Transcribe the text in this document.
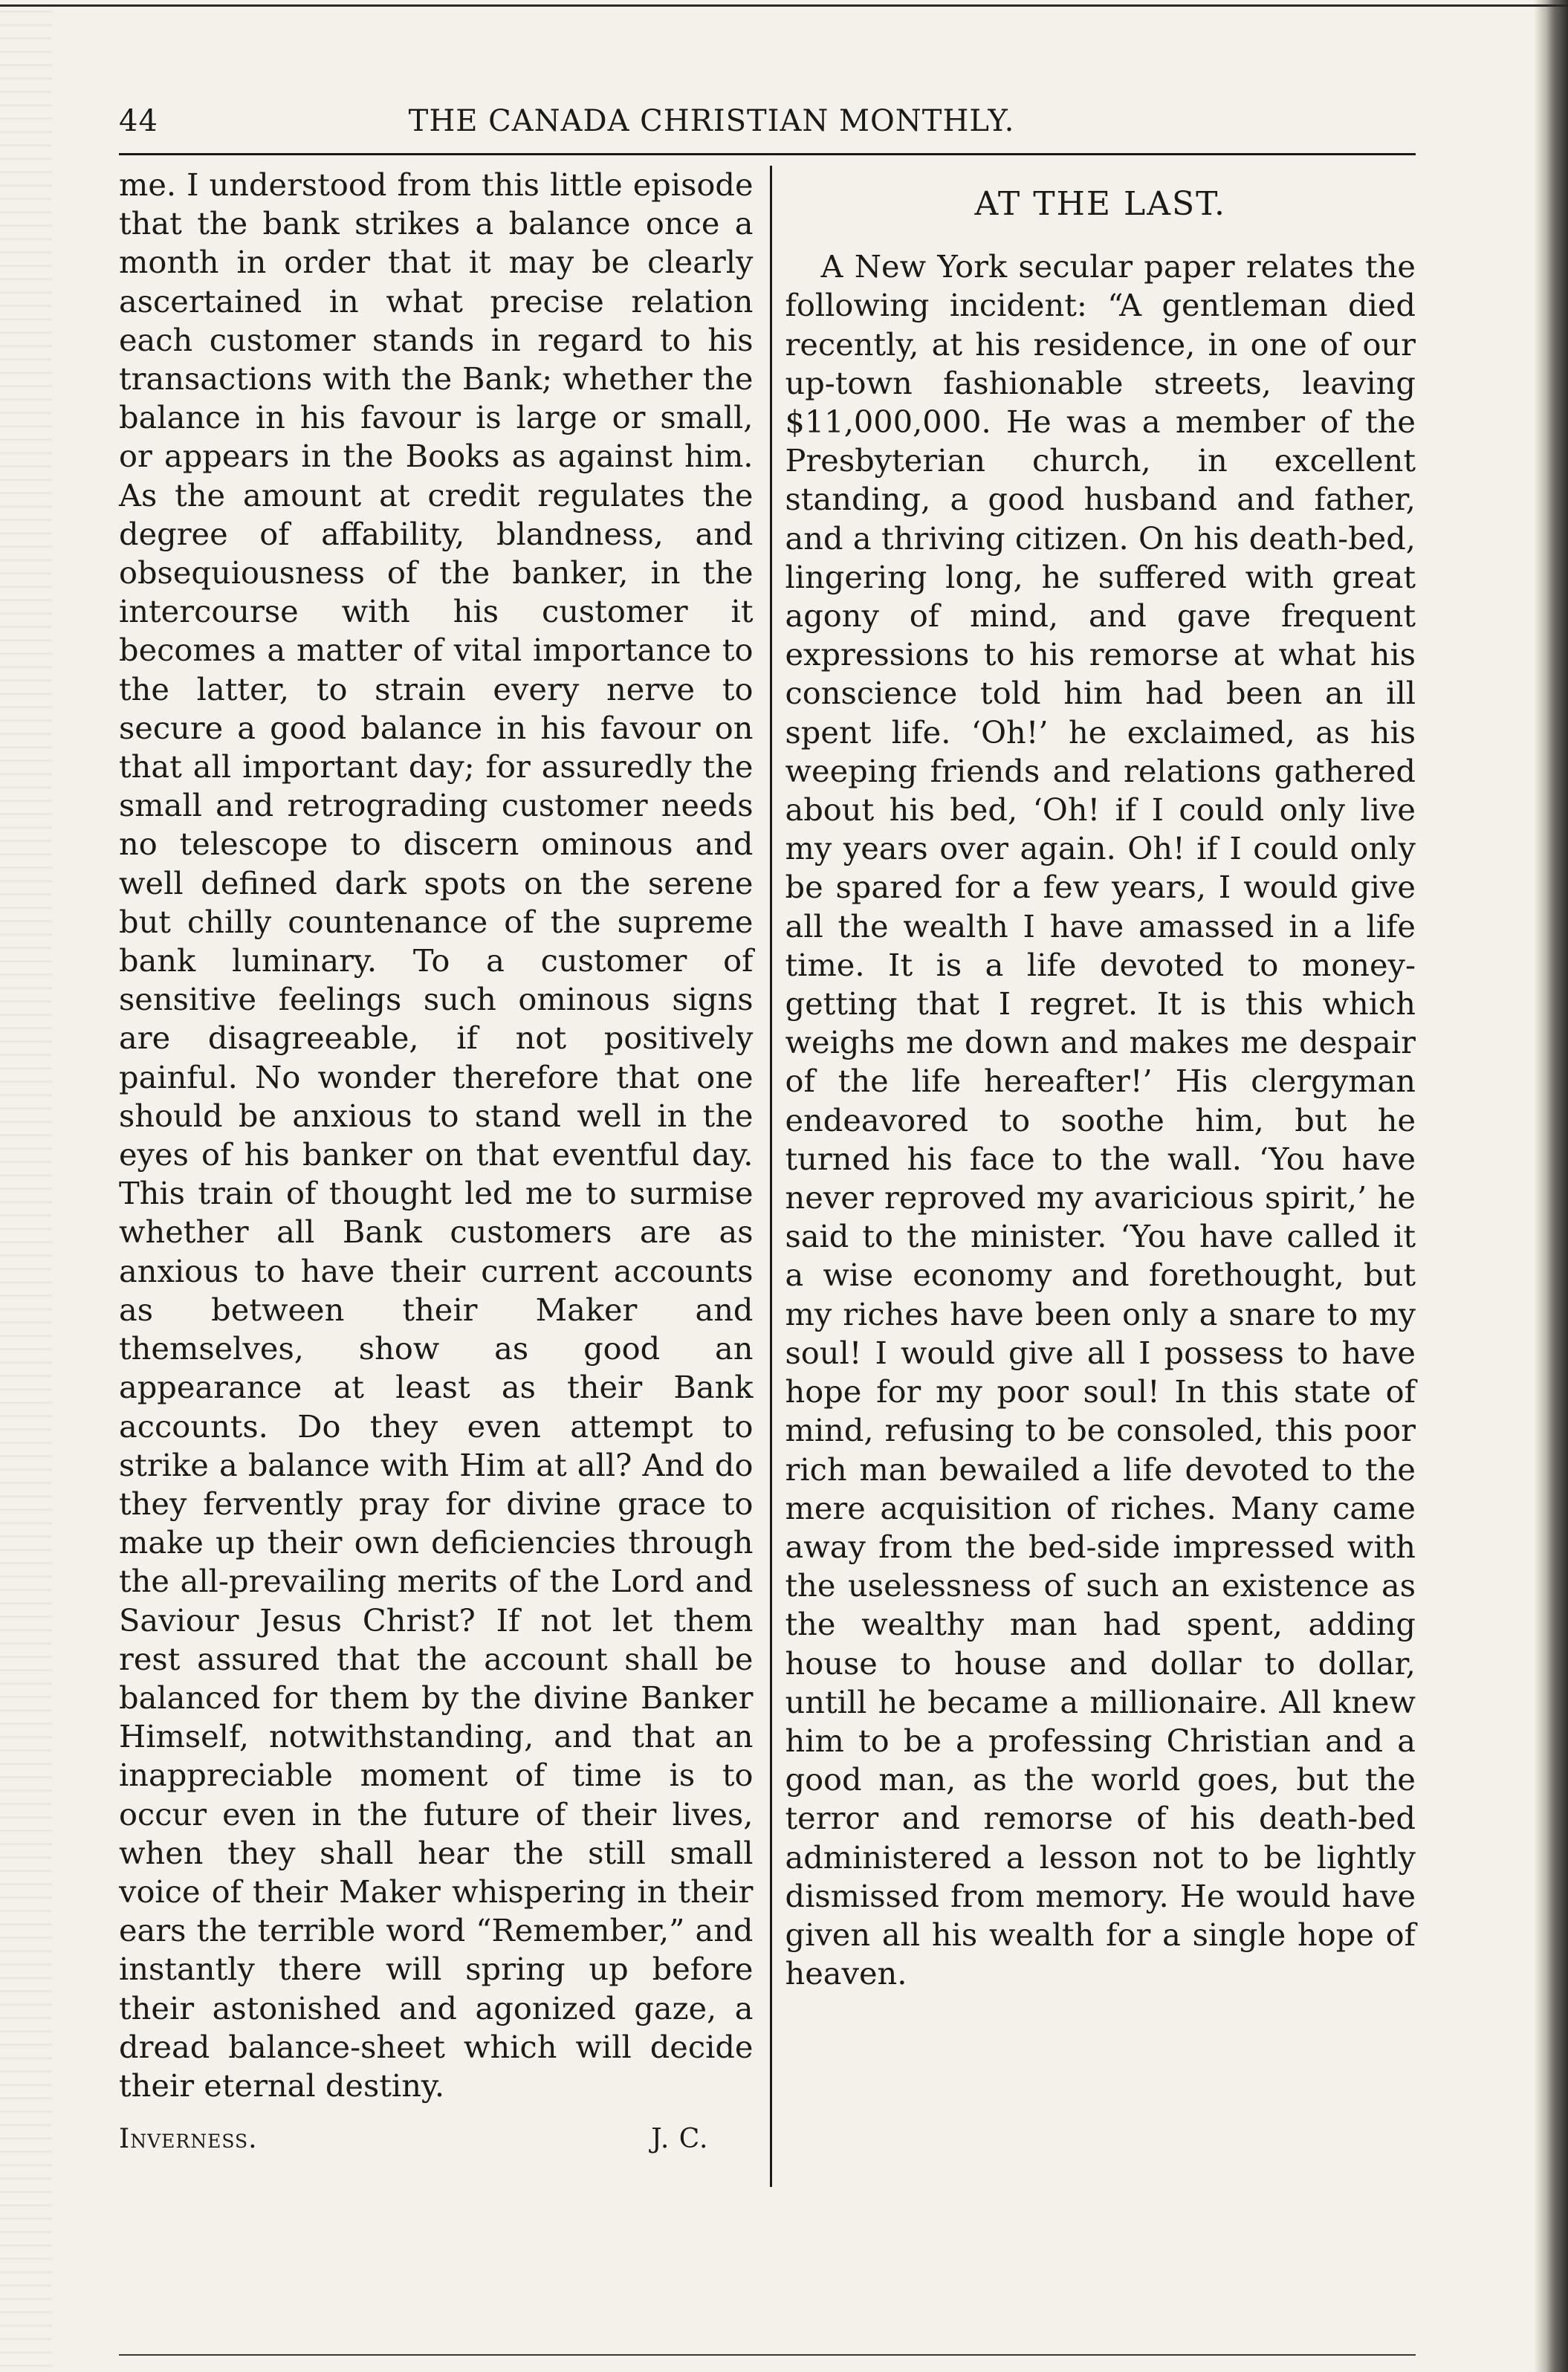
44	THE CANADA CHRISTIAN MONTHLY.

me. I understood from this little episode that the bank strikes a balance once a month in order that it may be clearly ascertained in what precise relation each customer stands in regard to his transactions with the Bank; whether the balance in his favour is large or small, or appears in the Books as against him. As the amount at credit regulates the degree of affability, blandness, and obsequiousness of the banker, in the intercourse with his customer it becomes a matter of vital importance to the latter, to strain every nerve to secure a good balance in his favour on that all important day; for assuredly the small and retrograding customer needs no telescope to discern ominous and well defined dark spots on the serene but chilly countenance of the supreme bank luminary. To a customer of sensitive feelings such ominous signs are disagreeable, if not positively painful. No wonder therefore that one should be anxious to stand well in the eyes of his banker on that eventful day. This train of thought led me to surmise whether all Bank customers are as anxious to have their current accounts as between their Maker and themselves, show as good an appearance at least as their Bank accounts. Do they even attempt to strike a balance with Him at all? And do they fervently pray for divine grace to make up their own deficiencies through the all-prevailing merits of the Lord and Saviour Jesus Christ? If not let them rest assured that the account shall be balanced for them by the divine Banker Himself, notwithstanding, and that an inappreciable moment of time is to occur even in the future of their lives, when they shall hear the still small voice of their Maker whispering in their ears the terrible word “Remember,” and instantly there will spring up before their astonished and agonized gaze, a dread balance-sheet which will decide their eternal destiny.

Inverness.	J. C.
AT THE LAST.

A New York secular paper relates the following incident: “A gentleman died recently, at his residence, in one of our up-town fashionable streets, leaving $11,000,000. He was a member of the Presbyterian church, in excellent standing, a good husband and father, and a thriving citizen. On his death-bed, lingering long, he suffered with great agony of mind, and gave frequent expressions to his remorse at what his conscience told him had been an ill spent life. ‘Oh!’ he exclaimed, as his weeping friends and relations gathered about his bed, ‘Oh! if I could only live my years over again. Oh! if I could only be spared for a few years, I would give all the wealth I have amassed in a life time. It is a life devoted to money-getting that I regret. It is this which weighs me down and makes me despair of the life hereafter!’ His clergyman endeavored to soothe him, but he turned his face to the wall. ‘You have never reproved my avaricious spirit,’ he said to the minister. ‘You have called it a wise economy and forethought, but my riches have been only a snare to my soul! I would give all I possess to have hope for my poor soul! In this state of mind, refusing to be consoled, this poor rich man bewailed a life devoted to the mere acquisition of riches. Many came away from the bed-side impressed with the uselessness of such an existence as the wealthy man had spent, adding house to house and dollar to dollar, untill he became a millionaire. All knew him to be a professing Christian and a good man, as the world goes, but the terror and remorse of his death-bed administered a lesson not to be lightly dismissed from memory. He would have given all his wealth for a single hope of heaven.
